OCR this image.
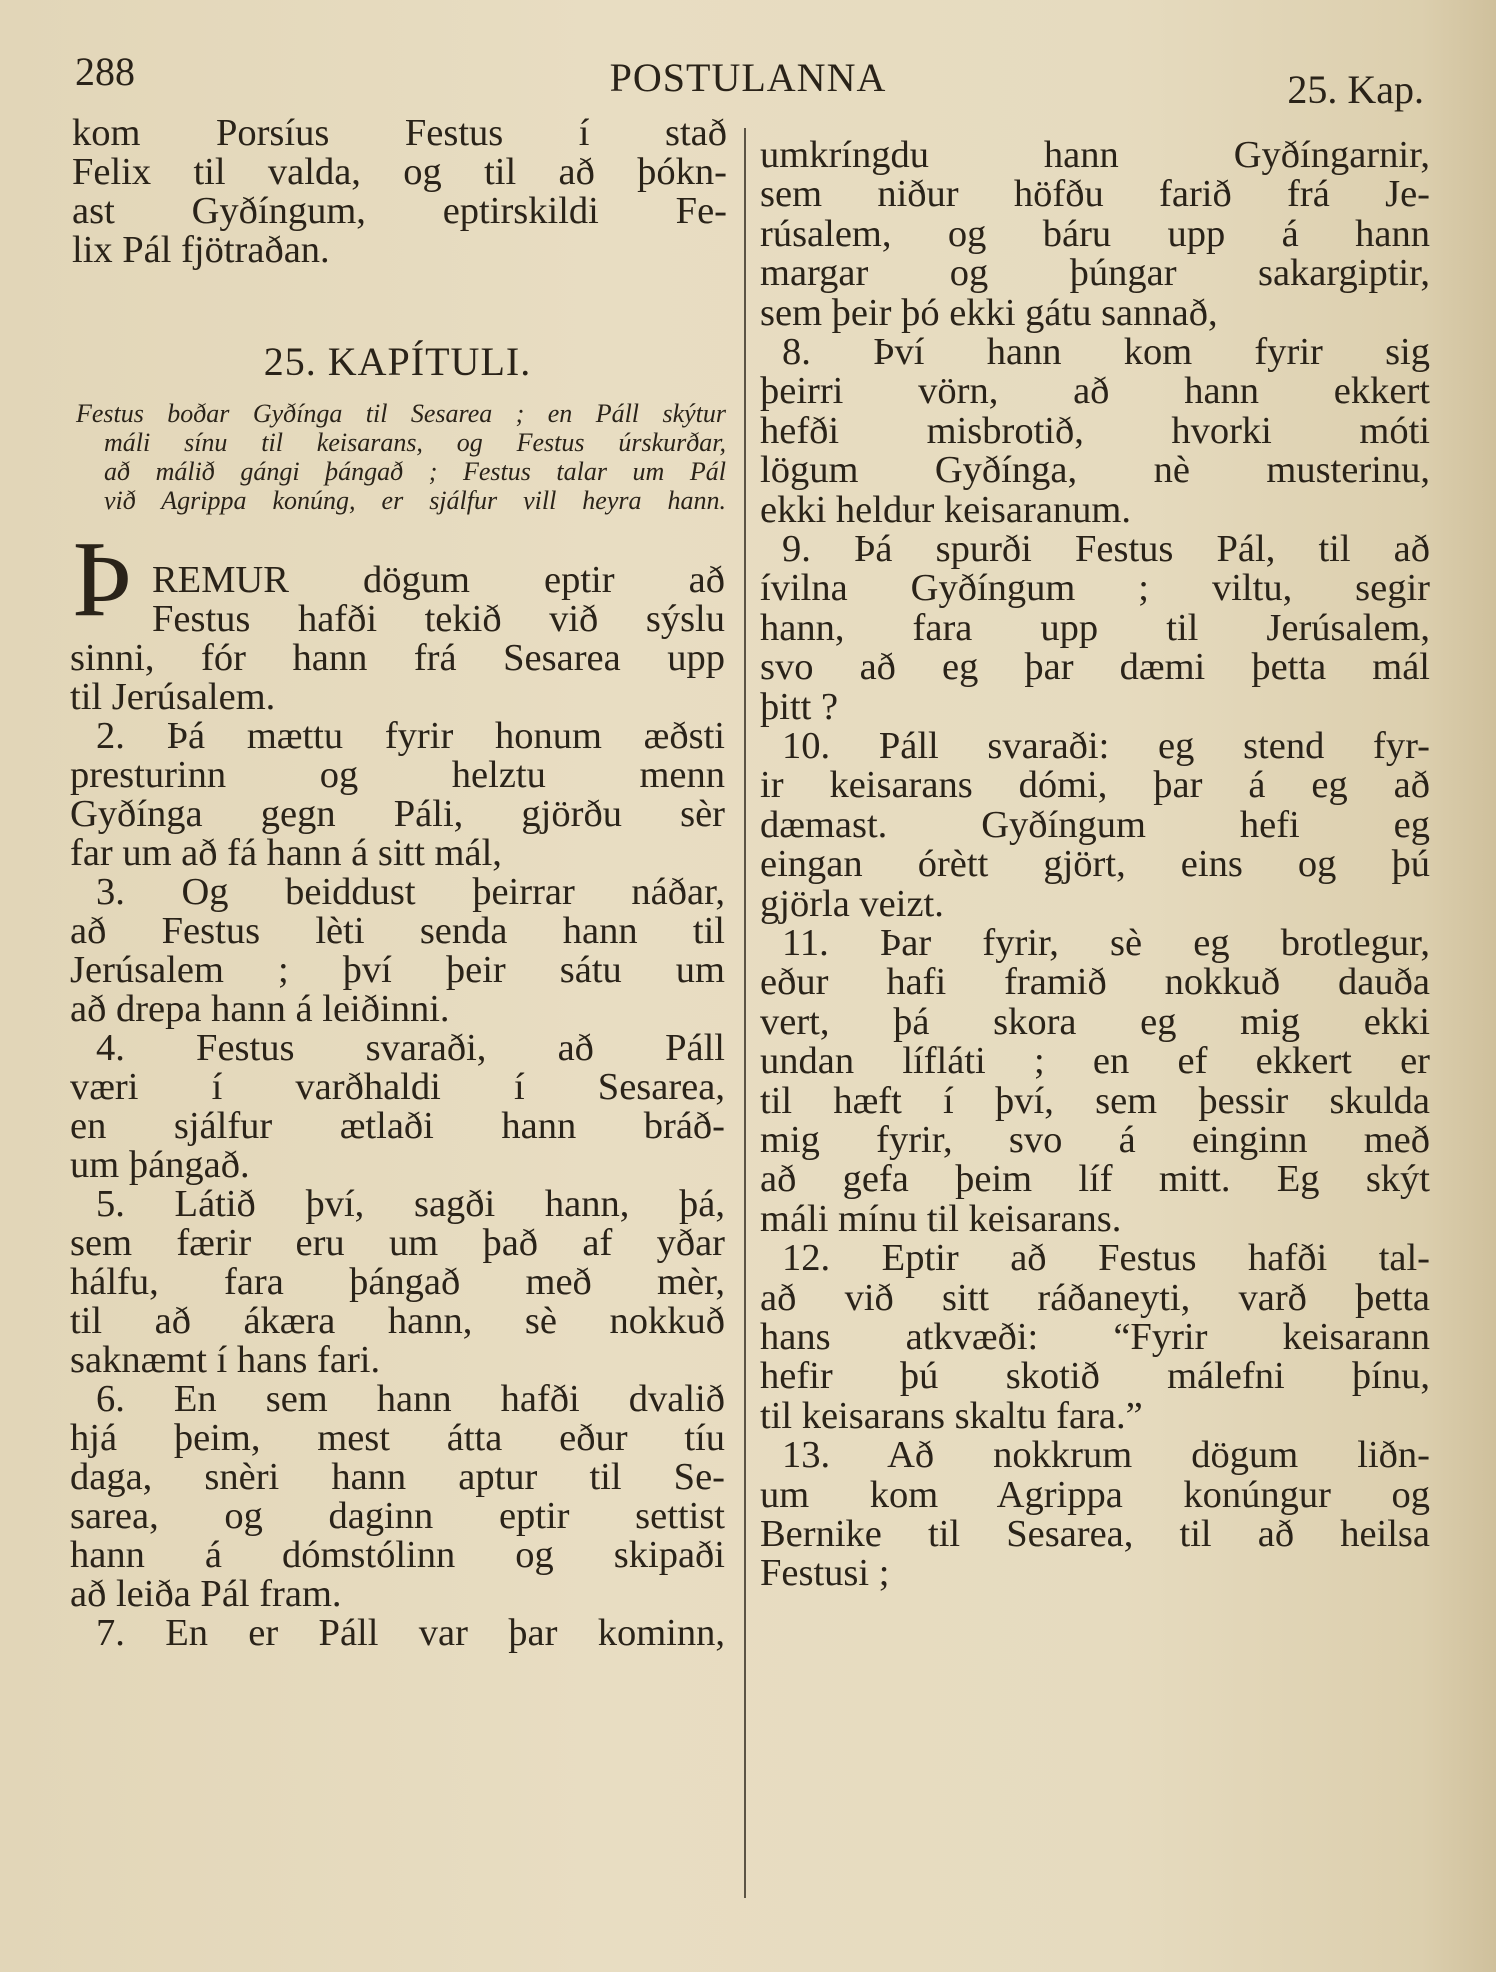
288	POSTULANNA	25. Kap.
kom Porsíus Festus í stað
Felix til valda, og til að þókn-
ast Gyðíngum, eptirskildi Fe-
lix Pál fjötraðan.
REMUR dögum eptir að
Festus hafði tekið við sýslu
sinni, fór hann frá Sesarea upp
til Jerúsalem.
2. Þá mættu fyrir honum æðsti
presturinn og helztu menn
Gyðínga gegn Páli, gjörðu sèr
far um að fá hann á sitt mál,
3. Og beiddust þeirrar náðar,
að Festus lèti senda hann til
Jerúsalem ; því þeir sátu um
að drepa hann á leiðinni.
4. Festus svaraði, að Páll
væri í varðhaldi í Sesarea,
en sjálfur ætlaði hann bráð-
um þángað.
5. Látið því, sagði hann, þá,
sem færir eru um það af yðar
hálfu, fara þángað með mèr,
til að ákæra hann, sè nokkuð
saknæmt í hans fari.
6. En sem hann hafði dvalið
hjá þeim, mest átta eður tíu
daga, snèri hann aptur til Se-
sarea, og daginn eptir settist
hann á dómstólinn og skipaði
að leiða Pál fram.
7. En er Páll var þar kominn,
25. KAPÍTULI.
Festus boðar Gyðínga til Sesarea ; en Páll skýtur
máli sínu til keisarans, og Festus úrskurðar,
að málið gángi þángað ; Festus talar um Pál
við Agrippa konúng, er sjálfur vill heyra hann.
Þ
umkríngdu hann Gyðíngarnir,
sem niður höfðu farið frá Je-
rúsalem, og báru upp á hann
margar og þúngar sakargiptir,
sem þeir þó ekki gátu sannað,
8. Því hann kom fyrir sig
þeirri vörn, að hann ekkert
hefði misbrotið, hvorki móti
lögum Gyðínga, nè musterinu,
ekki heldur keisaranum.
9. Þá spurði Festus Pál, til að
ívilna Gyðíngum ; viltu, segir
hann, fara upp til Jerúsalem,
svo að eg þar dæmi þetta mál
þitt ?
10. Páll svaraði: eg stend fyr-
ir keisarans dómi, þar á eg að
dæmast. Gyðíngum hefi eg
eingan órètt gjört, eins og þú
gjörla veizt.
11. Þar fyrir, sè eg brotlegur,
eður hafi framið nokkuð dauða
vert, þá skora eg mig ekki
undan lífláti ; en ef ekkert er
til hæft í því, sem þessir skulda
mig fyrir, svo á einginn með
að gefa þeim líf mitt. Eg skýt
máli mínu til keisarans.
12. Eptir að Festus hafði tal-
að við sitt ráðaneyti, varð þetta
hans atkvæði: “Fyrir keisarann
hefir þú skotið málefni þínu,
til keisarans skaltu fara.”
13. Að nokkrum dögum liðn-
um kom Agrippa konúngur og
Bernike til Sesarea, til að heilsa
Festusi ;
